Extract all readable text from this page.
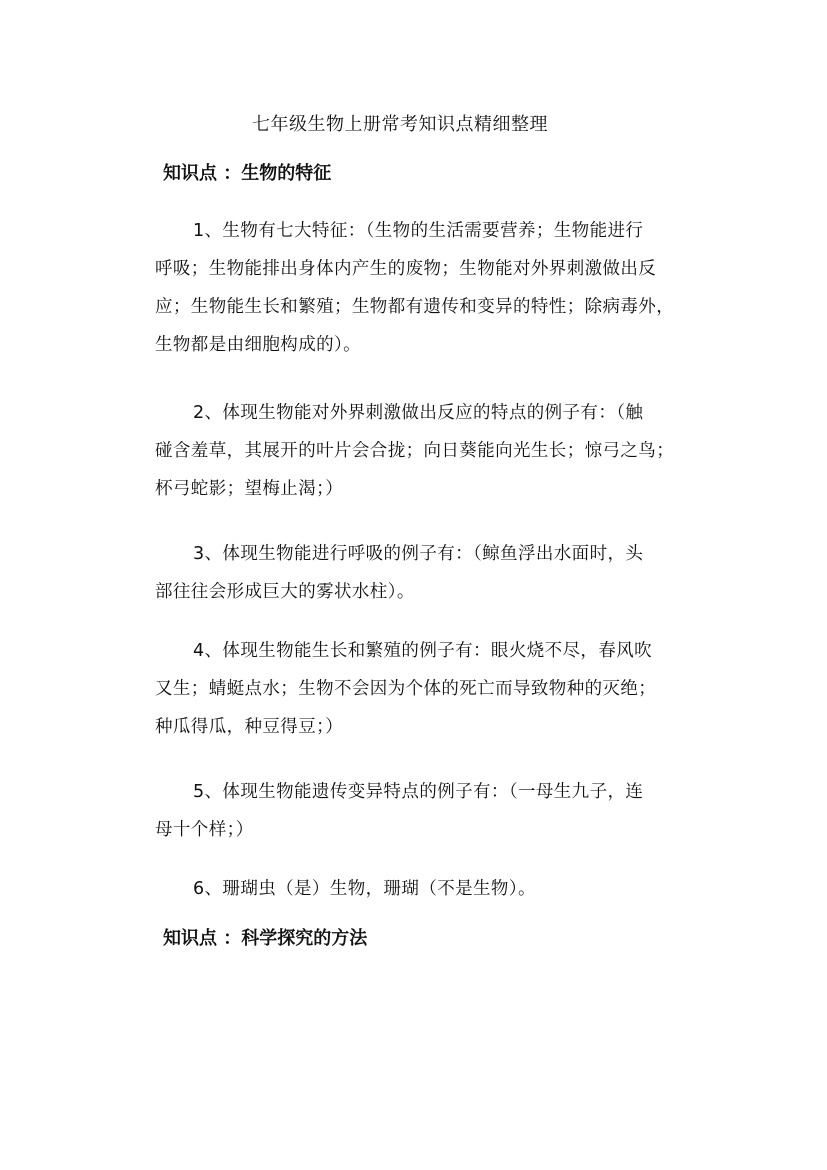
七年级生物上册常考知识点精细整理
知识点 ：生物的特征
1、生物有七大特征：（生物的生活需要营养；生物能进行
呼吸；生物能排出身体内产生的废物；生物能对外界刺激做出反
应；生物能生长和繁殖；生物都有遗传和变异的特性；除病毒外，
生物都是由细胞构成的）。
2、体现生物能对外界刺激做出反应的特点的例子有：（触
碰含羞草，其展开的叶片会合拢；向日葵能向光生长；惊弓之鸟；
杯弓蛇影；望梅止渴；）
3、体现生物能进行呼吸的例子有：（鲸鱼浮出水面时，头
部往往会形成巨大的雾状水柱）。
4、体现生物能生长和繁殖的例子有：眼火烧不尽，春风吹
又生；蜻蜓点水；生物不会因为个体的死亡而导致物种的灭绝；
种瓜得瓜，种豆得豆；）
5、体现生物能遗传变异特点的例子有：（一母生九子，连
母十个样；）
6、珊瑚虫（是）生物，珊瑚（不是生物）。
知识点 ：科学探究的方法
